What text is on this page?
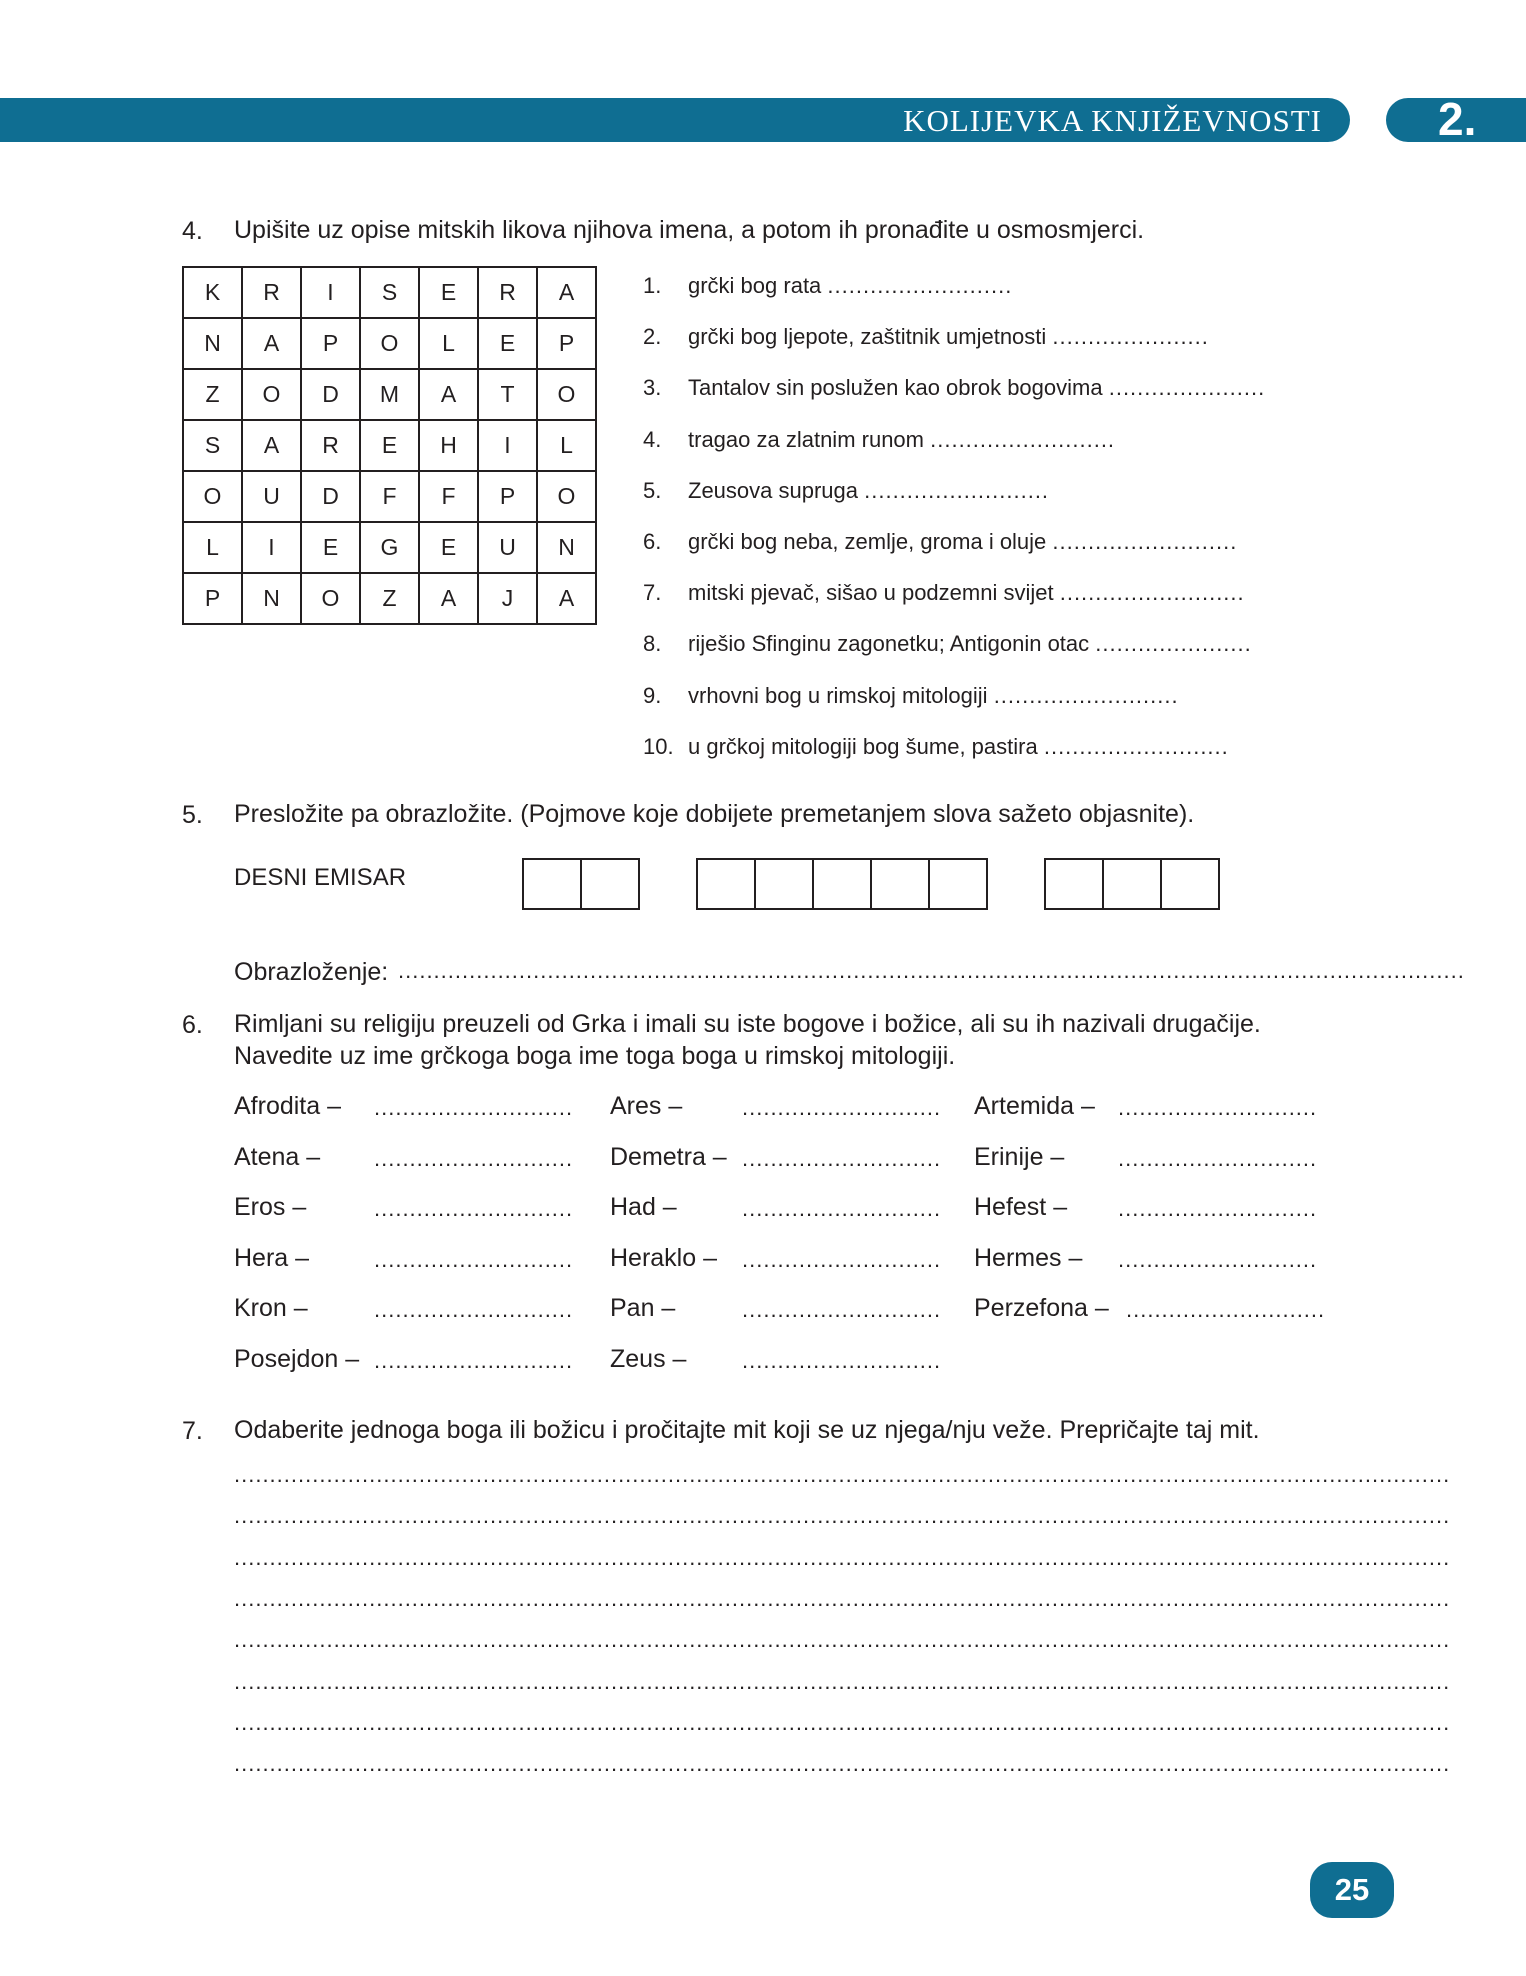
KOLIJEVKA KNJIŽEVNOSTI	2.
4. Upišite uz opise mitskih likova njihova imena, a potom ih pronađite u osmosmjerci.
K	R	I	S	E	R	A
N	A	P	O	L	E	P
Z	O	D	M	A	T	O
S	A	R	E	H	I	L
O	U	D	F	F	P	O
L	I	E	G	E	U	N
P	N	O	Z	A	J	A
1. grčki bog rata ..........................
2. grčki bog ljepote, zaštitnik umjetnosti ......................
3. Tantalov sin poslužen kao obrok bogovima ......................
4. tragao za zlatnim runom ..........................
5. Zeusova supruga ..........................
6. grčki bog neba, zemlje, groma i oluje ..........................
7. mitski pjevač, sišao u podzemni svijet ..........................
8. riješio Sfinginu zagonetku; Antigonin otac ......................
9. vrhovni bog u rimskoj mitologiji ..........................
10. u grčkoj mitologiji bog šume, pastira ..........................
5. Presložite pa obrazložite. (Pojmove koje dobijete premetanjem slova sažeto objasnite).
DESNI EMISAR
Obrazloženje: ......................................................................................................................................................
6. Rimljani su religiju preuzeli od Grka i imali su iste bogove i božice, ali su ih nazivali drugačije.
Navedite uz ime grčkoga boga ime toga boga u rimskoj mitologiji.
Afrodita – ............................ Ares –	............................ Artemida – ............................
Atena – ............................ Demetra – ............................ Erinije – ............................
Eros –	............................ Had –	............................ Hefest – ............................
Hera –	............................ Heraklo – ............................ Hermes – ............................
Kron –	............................ Pan –	............................ Perzefona – ............................
Posejdon – ............................ Zeus –	............................
7. Odaberite jednoga boga ili božicu i pročitajte mit koji se uz njega/nju veže. Prepričajte taj mit.
...........................................................................................................................................................................
...........................................................................................................................................................................
...........................................................................................................................................................................
...........................................................................................................................................................................
...........................................................................................................................................................................
...........................................................................................................................................................................
...........................................................................................................................................................................
...........................................................................................................................................................................
25
